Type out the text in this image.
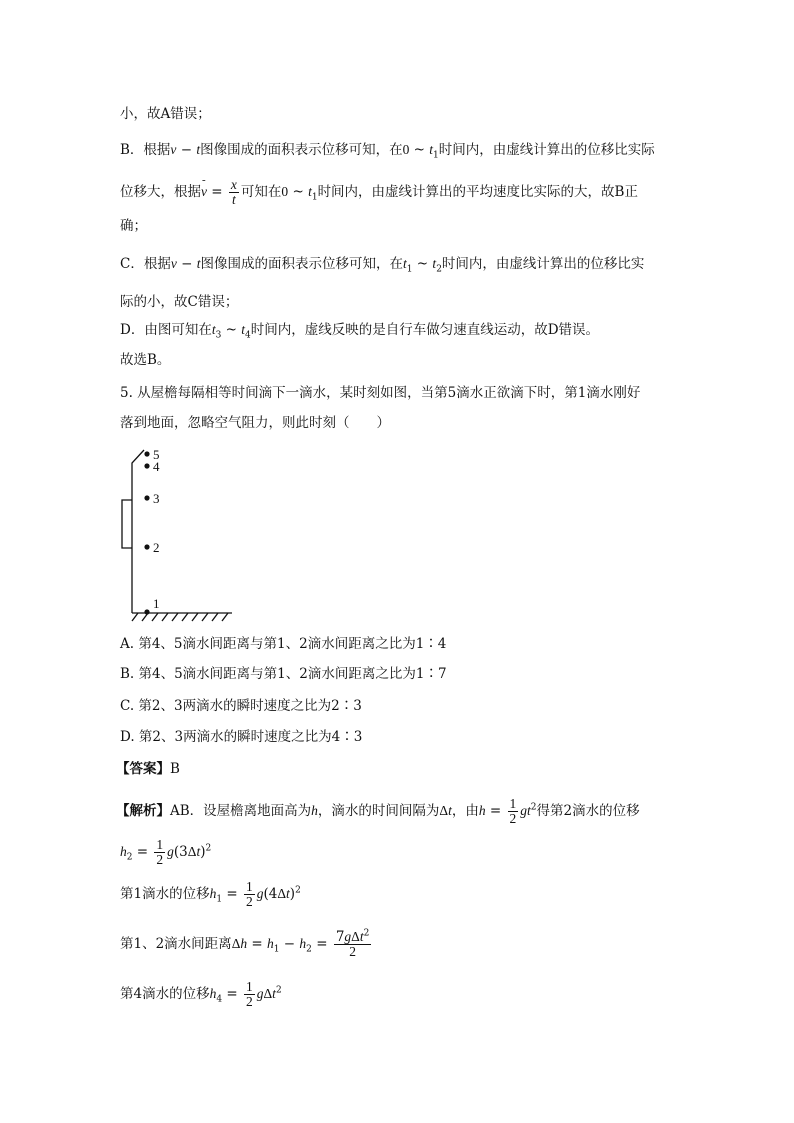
小，故A错误；
B．根据v − t图像围成的面积表示位移可知，在0 ~ $t_1$时间内，由虚线计算出的位移比实际
位移大，根据- $v = \frac{x}{t}$ 可知在0 ~ $t_1$时间内，由虚线计算出的平均速度比实际的大，故B正
确；
C．根据v − t图像围成的面积表示位移可知，在$t_1$ ~ $t_2$时间内，由虚线计算出的位移比实
际的小，故C错误；
D．由图可知在$t_3$ ~ $t_4$时间内，虚线反映的是自行车做匀速直线运动，故D错误。
故选B。
5. 从屋檐每隔相等时间滴下一滴水，某时刻如图，当第5滴水正欲滴下时，第1滴水刚好
落到地面，忽略空气阻力，则此时刻（　　）
5
4
3
2
1
A. 第4、5滴水间距离与第1、2滴水间距离之比为1∶4
B. 第4、5滴水间距离与第1、2滴水间距离之比为1∶7
C. 第2、3两滴水的瞬时速度之比为2∶3
D. 第2、3两滴水的瞬时速度之比为4∶3
【答案】B
【解析】AB．设屋檐离地面高为h，滴水的时间间隔为Δt，由$h = \frac{1}{2} gt^2$得第2滴水的位移
$h_2 = \frac{1}{2} g(3\Delta t)^2$
第1滴水的位移$h_1 = \frac{1}{2} g(4\Delta t)^2$
第1、2滴水间距离$\Delta h = h_1 - h_2 = \frac{7g\Delta t^2}{2}$
第4滴水的位移$h_4 = \frac{1}{2} g\Delta t^2$
